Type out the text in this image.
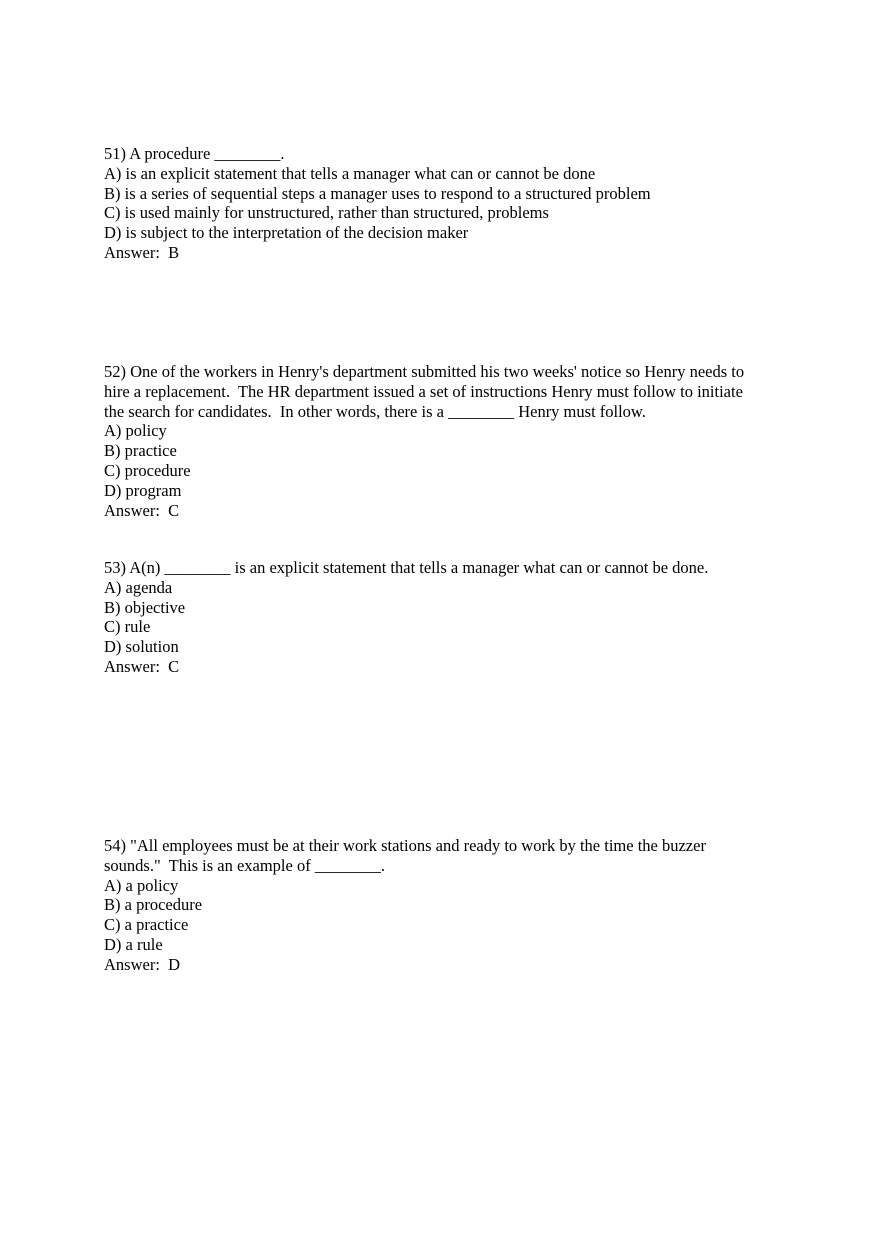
51) A procedure ________.
A) is an explicit statement that tells a manager what can or cannot be done
B) is a series of sequential steps a manager uses to respond to a structured problem
C) is used mainly for unstructured, rather than structured, problems
D) is subject to the interpretation of the decision maker
Answer:  B
52) One of the workers in Henry's department submitted his two weeks' notice so Henry needs to
hire a replacement.  The HR department issued a set of instructions Henry must follow to initiate
the search for candidates.  In other words, there is a ________ Henry must follow.
A) policy
B) practice
C) procedure
D) program
Answer:  C
53) A(n) ________ is an explicit statement that tells a manager what can or cannot be done.
A) agenda
B) objective
C) rule
D) solution
Answer:  C
54) "All employees must be at their work stations and ready to work by the time the buzzer
sounds."  This is an example of ________.
A) a policy
B) a procedure
C) a practice
D) a rule
Answer:  D
